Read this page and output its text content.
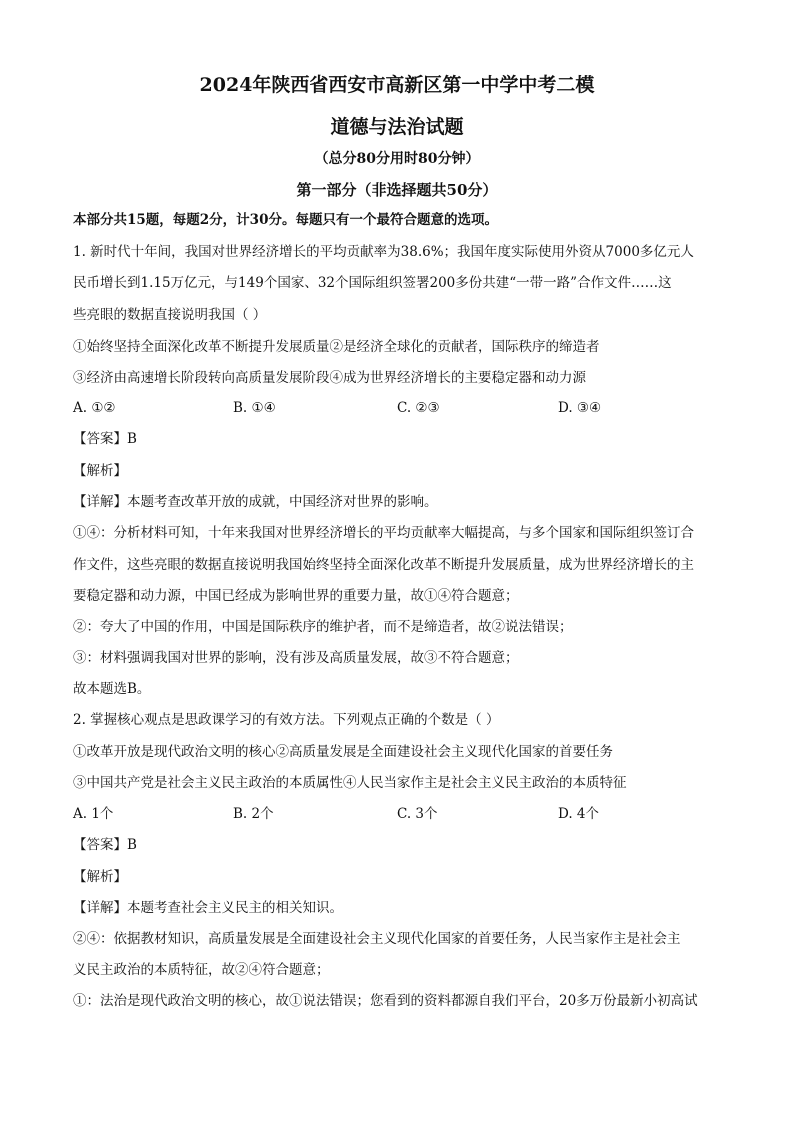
2024年陕西省西安市高新区第一中学中考二模
道德与法治试题
（总分80分用时80分钟）
第一部分（非选择题共50分）
本部分共15题，每题2分，计30分。每题只有一个最符合题意的选项。
1. 新时代十年间，我国对世界经济增长的平均贡献率为38.6%；我国年度实际使用外资从7000多亿元人
民币增长到1.15万亿元，与149个国家、32个国际组织签署200多份共建“一带一路”合作文件……这
些亮眼的数据直接说明我国（ ）
①始终坚持全面深化改革不断提升发展质量②是经济全球化的贡献者，国际秩序的缔造者
③经济由高速增长阶段转向高质量发展阶段④成为世界经济增长的主要稳定器和动力源
A. ①②	B. ①④	C. ②③	D. ③④
【答案】B
【解析】
【详解】本题考查改革开放的成就，中国经济对世界的影响。
①④：分析材料可知，十年来我国对世界经济增长的平均贡献率大幅提高，与多个国家和国际组织签订合
作文件，这些亮眼的数据直接说明我国始终坚持全面深化改革不断提升发展质量，成为世界经济增长的主
要稳定器和动力源，中国已经成为影响世界的重要力量，故①④符合题意；
②：夸大了中国的作用，中国是国际秩序的维护者，而不是缔造者，故②说法错误；
③：材料强调我国对世界的影响，没有涉及高质量发展，故③不符合题意；
故本题选B。
2. 掌握核心观点是思政课学习的有效方法。下列观点正确的个数是（ ）
①改革开放是现代政治文明的核心②高质量发展是全面建设社会主义现代化国家的首要任务
③中国共产党是社会主义民主政治的本质属性④人民当家作主是社会主义民主政治的本质特征
A. 1个	B. 2个	C. 3个	D. 4个
【答案】B
【解析】
【详解】本题考查社会主义民主的相关知识。
②④：依据教材知识，高质量发展是全面建设社会主义现代化国家的首要任务，人民当家作主是社会主
义民主政治的本质特征，故②④符合题意；
①：法治是现代政治文明的核心，故①说法错误；您看到的资料都源自我们平台，20多万份最新小初高试
